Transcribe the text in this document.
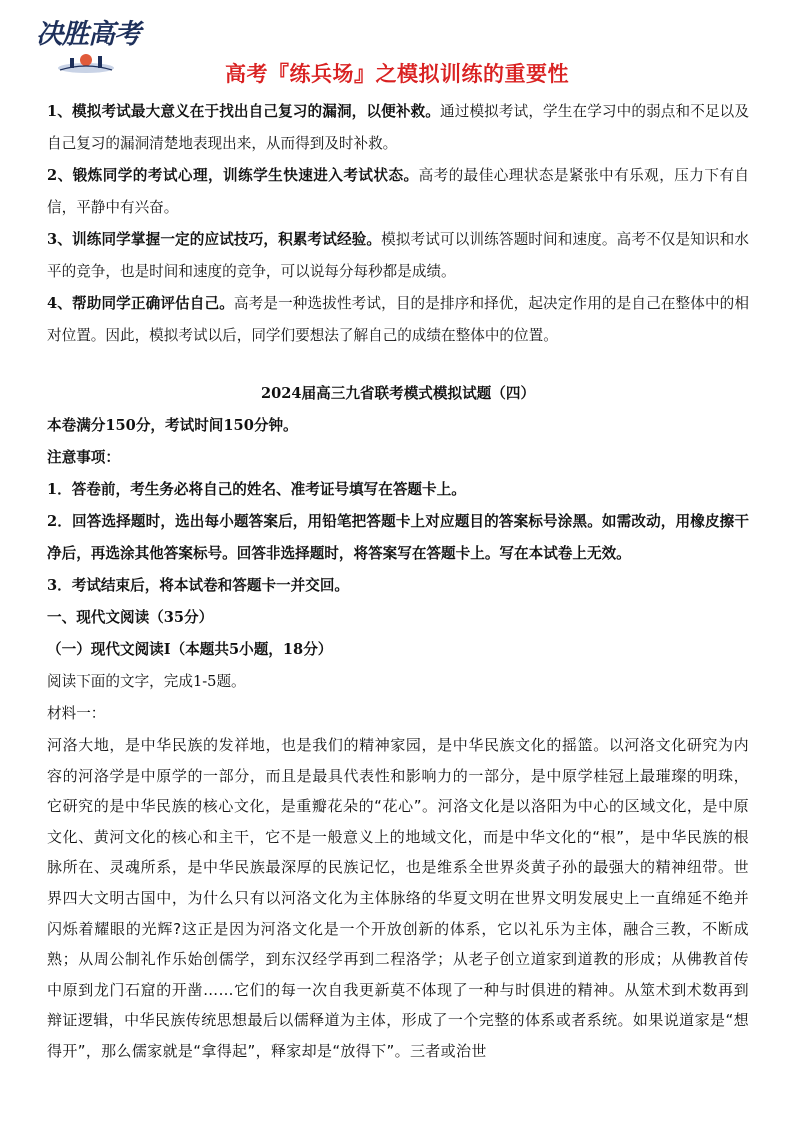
决胜高考
高考『练兵场』之模拟训练的重要性

1、模拟考试最大意义在于找出自己复习的漏洞，以便补救。通过模拟考试，学生在学习中的弱点和不足以及自己复习的漏洞清楚地表现出来，从而得到及时补救。

2、锻炼同学的考试心理，训练学生快速进入考试状态。高考的最佳心理状态是紧张中有乐观，压力下有自信，平静中有兴奋。

3、训练同学掌握一定的应试技巧，积累考试经验。模拟考试可以训练答题时间和速度。高考不仅是知识和水平的竞争，也是时间和速度的竞争，可以说每分每秒都是成绩。

4、帮助同学正确评估自己。高考是一种选拔性考试，目的是排序和择优，起决定作用的是自己在整体中的相对位置。因此，模拟考试以后，同学们要想法了解自己的成绩在整体中的位置。

2024届高三九省联考模式模拟试题（四）

本卷满分150分，考试时间150分钟。

注意事项：

1．答卷前，考生务必将自己的姓名、准考证号填写在答题卡上。

2．回答选择题时，选出每小题答案后，用铅笔把答题卡上对应题目的答案标号涂黑。如需改动，用橡皮擦干净后，再选涂其他答案标号。回答非选择题时，将答案写在答题卡上。写在本试卷上无效。

3．考试结束后，将本试卷和答题卡一并交回。

一、现代文阅读（35分）

（一）现代文阅读Ⅰ（本题共5小题，18分）

阅读下面的文字，完成1-5题。

材料一：

河洛大地，是中华民族的发祥地，也是我们的精神家园，是中华民族文化的摇篮。以河洛文化研究为内容的河洛学是中原学的一部分，而且是最具代表性和影响力的一部分，是中原学桂冠上最璀璨的明珠，它研究的是中华民族的核心文化，是重瓣花朵的“花心”。河洛文化是以洛阳为中心的区域文化，是中原文化、黄河文化的核心和主干，它不是一般意义上的地域文化，而是中华文化的“根”，是中华民族的根脉所在、灵魂所系，是中华民族最深厚的民族记忆，也是维系全世界炎黄子孙的最强大的精神纽带。世界四大文明古国中，为什么只有以河洛文化为主体脉络的华夏文明在世界文明发展史上一直绵延不绝并闪烁着耀眼的光辉?这正是因为河洛文化是一个开放创新的体系，它以礼乐为主体，融合三教，不断成熟；从周公制礼作乐始创儒学，到东汉经学再到二程洛学；从老子创立道家到道教的形成；从佛教首传中原到龙门石窟的开凿……它们的每一次自我更新莫不体现了一种与时俱进的精神。从筮术到术数再到辩证逻辑，中华民族传统思想最后以儒释道为主体，形成了一个完整的体系或者系统。如果说道家是“想得开”，那么儒家就是“拿得起”，释家却是“放得下”。三者或治世
